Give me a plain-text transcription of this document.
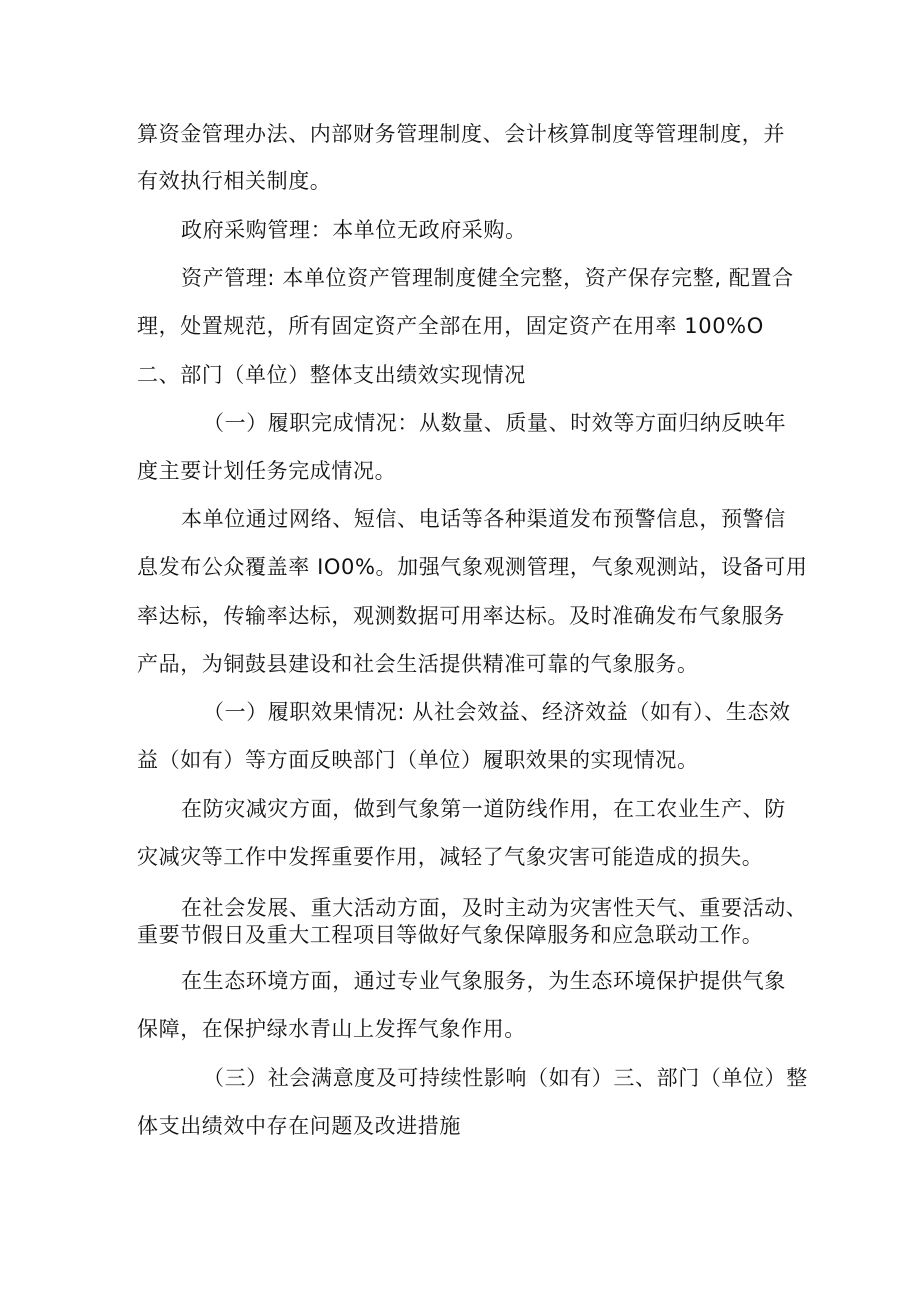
算资金管理办法、内部财务管理制度、会计核算制度等管理制度，并
有效执行相关制度。
政府采购管理：本单位无政府采购。
资产管理: 本单位资产管理制度健全完整，资产保存完整, 配置合
理，处置规范，所有固定资产全部在用，固定资产在用率 100%O
二、部门（单位）整体支出绩效实现情况
（一）履职完成情况：从数量、质量、时效等方面归纳反映年
度主要计划任务完成情况。
本单位通过网络、短信、电话等各种渠道发布预警信息，预警信
息发布公众覆盖率 IO0%。加强气象观测管理，气象观测站，设备可用
率达标，传输率达标，观测数据可用率达标。及时准确发布气象服务
产品，为铜鼓县建设和社会生活提供精准可靠的气象服务。
（一）履职效果情况: 从社会效益、经济效益（如有）、生态效
益（如有）等方面反映部门（单位）履职效果的实现情况。
在防灾减灾方面，做到气象第一道防线作用，在工农业生产、防
灾减灾等工作中发挥重要作用，减轻了气象灾害可能造成的损失。
在社会发展、重大活动方面，及时主动为灾害性天气、重要活动、
重要节假日及重大工程项目等做好气象保障服务和应急联动工作。
在生态环境方面，通过专业气象服务，为生态环境保护提供气象
保障，在保护绿水青山上发挥气象作用。
（三）社会满意度及可持续性影响（如有）三、部门（单位）整
体支出绩效中存在问题及改进措施
